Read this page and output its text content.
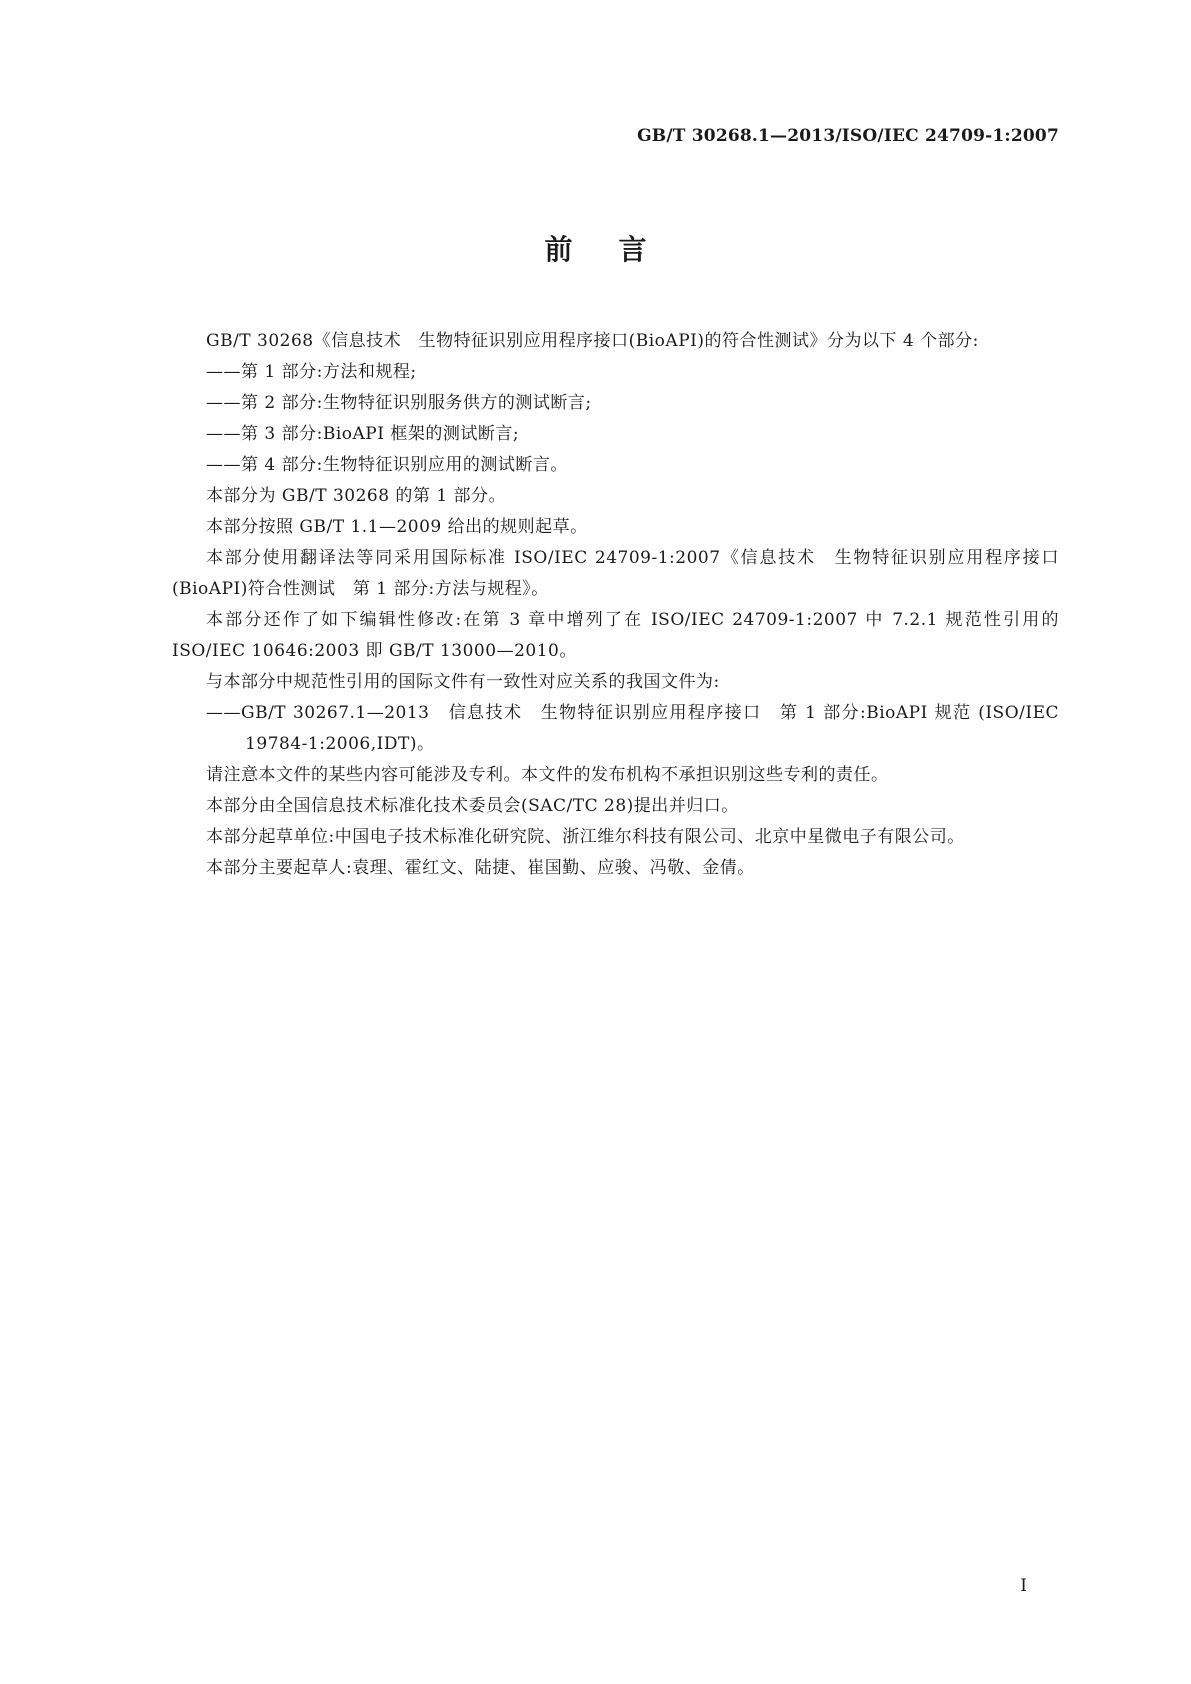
GB/T 30268.1—2013/ISO/IEC 24709-1:2007
前言

GB/T 30268《信息技术　生物特征识别应用程序接口(BioAPI)的符合性测试》分为以下 4 个部分:

——第 1 部分:方法和规程;

——第 2 部分:生物特征识别服务供方的测试断言;

——第 3 部分:BioAPI 框架的测试断言;

——第 4 部分:生物特征识别应用的测试断言。

本部分为 GB/T 30268 的第 1 部分。

本部分按照 GB/T 1.1—2009 给出的规则起草。

本部分使用翻译法等同采用国际标准 ISO/IEC 24709-1:2007《信息技术　生物特征识别应用程序接口(BioAPI)符合性测试　第 1 部分:方法与规程》。

本部分还作了如下编辑性修改:在第 3 章中增列了在 ISO/IEC 24709-1:2007 中 7.2.1 规范性引用的 ISO/IEC 10646:2003 即 GB/T 13000—2010。

与本部分中规范性引用的国际文件有一致性对应关系的我国文件为:

——GB/T 30267.1—2013　信息技术　生物特征识别应用程序接口　第 1 部分:BioAPI 规范 (ISO/IEC 19784-1:2006,IDT)。

请注意本文件的某些内容可能涉及专利。本文件的发布机构不承担识别这些专利的责任。

本部分由全国信息技术标准化技术委员会(SAC/TC 28)提出并归口。

本部分起草单位:中国电子技术标准化研究院、浙江维尔科技有限公司、北京中星微电子有限公司。

本部分主要起草人:袁理、霍红文、陆捷、崔国勤、应骏、冯敬、金倩。

I
